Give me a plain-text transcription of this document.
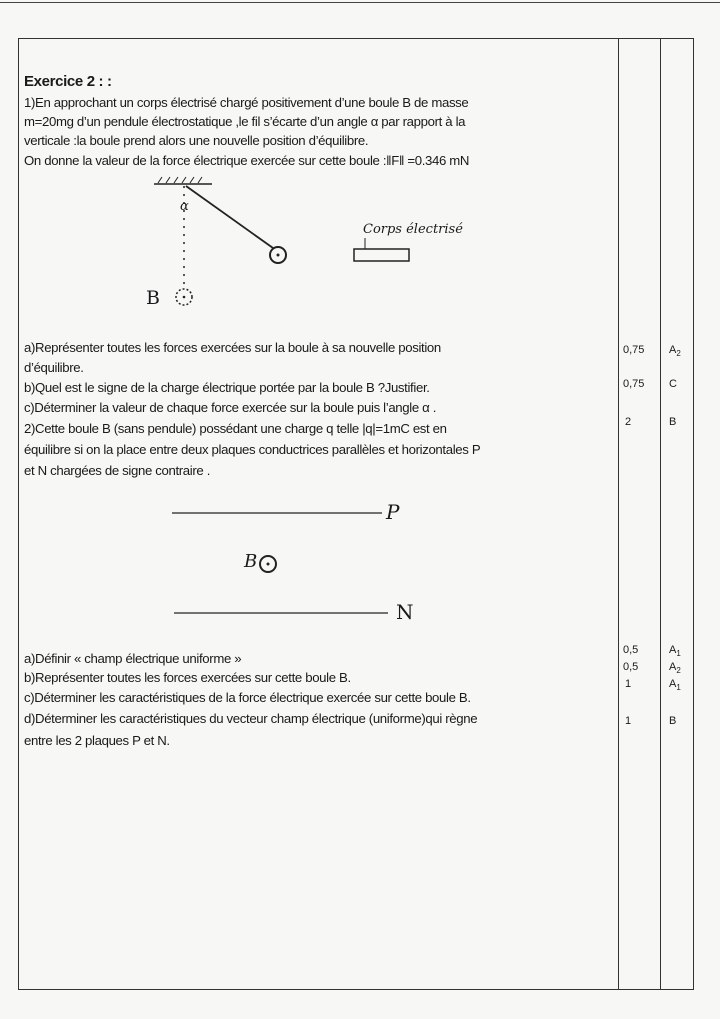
Exercice 2 : :
1)En approchant un corps électrisé chargé positivement d’une boule B de masse
m=20mg d’un pendule électrostatique ,le fil s’écarte d’un angle α par rapport à la
verticale :la boule prend alors une nouvelle position d’équilibre.
On donne la valeur de la force électrique exercée sur cette boule :‖F‖ =0.346 mN
α
B
Corps électrisé
a)Représenter toutes les forces exercées sur la boule à sa nouvelle position
d’équilibre.
b)Quel est le signe de la charge électrique portée par la boule B ?Justifier.
c)Déterminer la valeur de chaque force exercée sur la boule puis l’angle α .
2)Cette boule B (sans pendule) possédant une charge q telle |q|=1mC est en
équilibre si on la place entre deux plaques conductrices parallèles et horizontales P
et N chargées de signe contraire .
0,75 $A_2$
0,75 C
2	B
P
N
B
a)Définir « champ électrique uniforme »
b)Représenter toutes les forces exercées sur cette boule B.
c)Déterminer les caractéristiques de la force électrique exercée sur cette boule B.
d)Déterminer les caractéristiques du vecteur champ électrique (uniforme)qui règne
entre les 2 plaques P et N.
0,5	$A_1$
0,5	$A_2$
1	$A_1$
1	B
